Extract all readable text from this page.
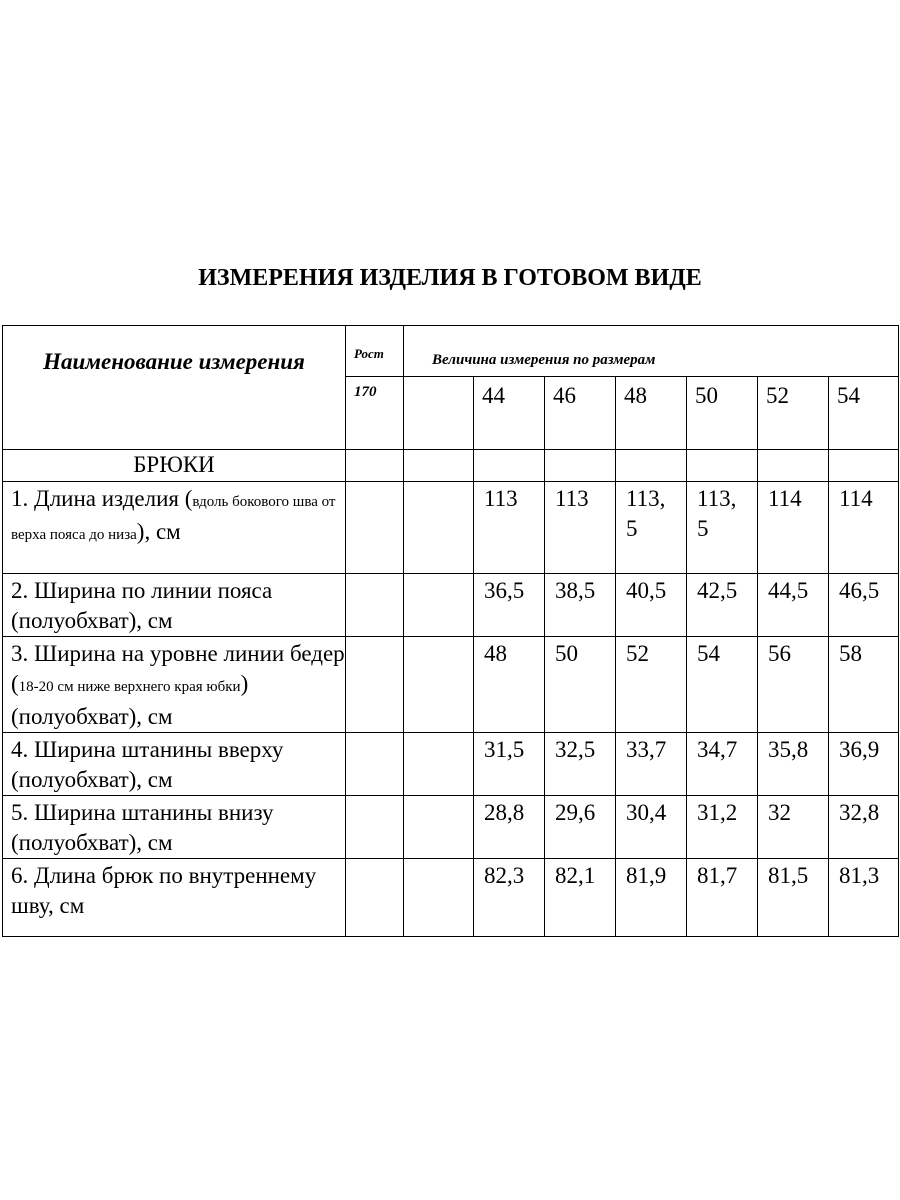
ИЗМЕРЕНИЯ ИЗДЕЛИЯ В ГОТОВОМ ВИДЕ
Наименование измерения	Рост	Величина измерения по размерам						
	170		44	46	48	50	52	54
БРЮКИ								
1. Длина изделия (вдоль бокового шва от верха пояса до низа), см			113	113	113,5	113,5	114	114
2. Ширина по линии пояса (полуобхват), см			36,5	38,5	40,5	42,5	44,5	46,5
3. Ширина на уровне линии бедер (18-20 см ниже верхнего края юбки) (полуобхват), см			48	50	52	54	56	58
4. Ширина штанины вверху (полуобхват), см			31,5	32,5	33,7	34,7	35,8	36,9
5. Ширина штанины внизу (полуобхват), см			28,8	29,6	30,4	31,2	32	32,8
6. Длина брюк по внутреннему шву, см			82,3	82,1	81,9	81,7	81,5	81,3
